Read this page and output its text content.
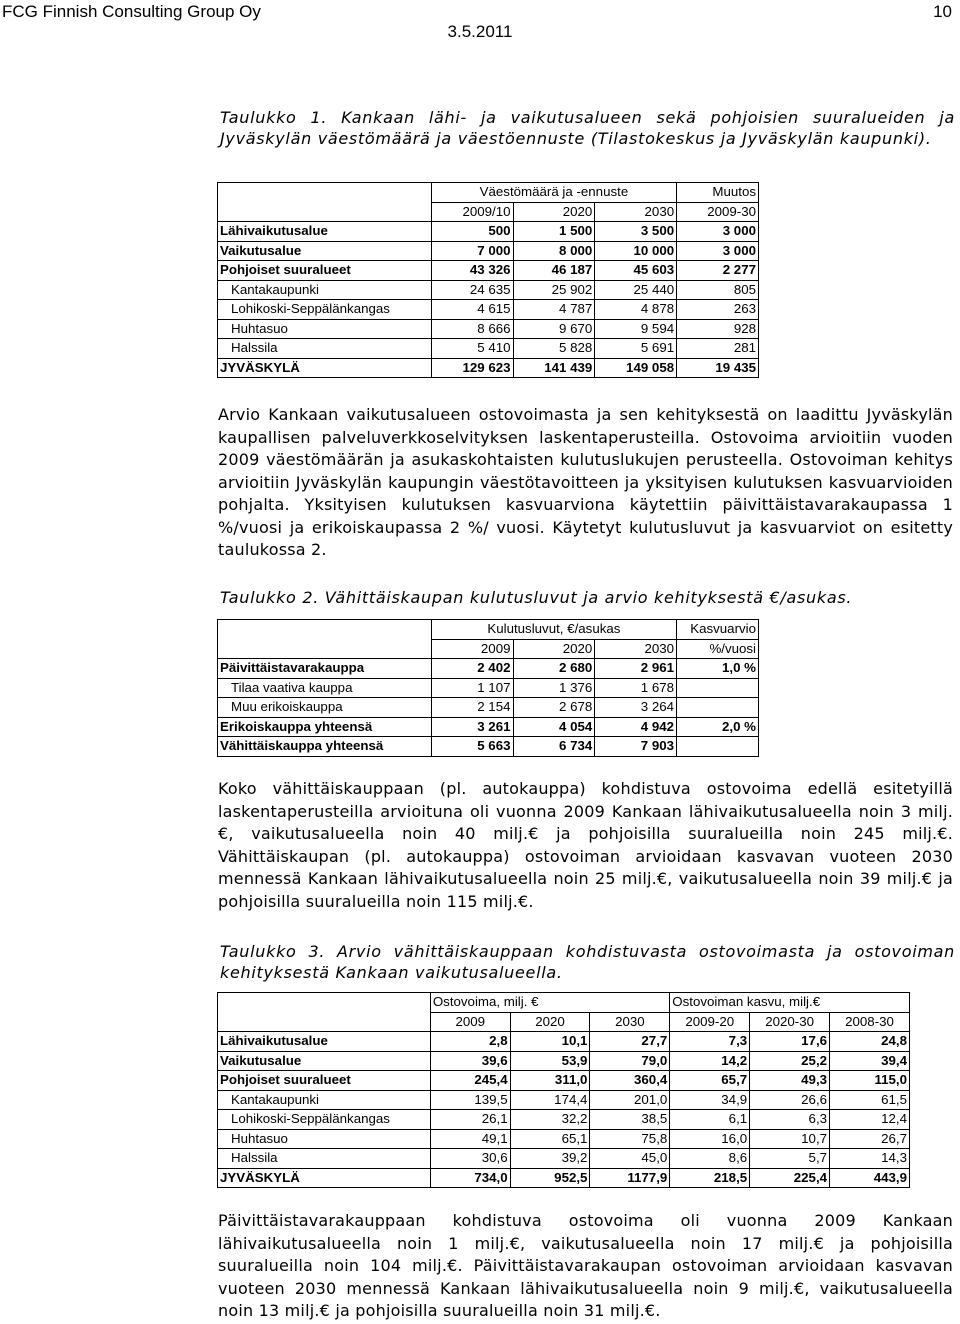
FCG Finnish Consulting Group Oy	10
3.5.2011
Taulukko 1. Kankaan lähi- ja vaikutusalueen sekä pohjoisien suuralueiden ja Jyväskylän väestömäärä ja väestöennuste (Tilastokeskus ja Jyväskylän kaupunki).
	Väestömäärä ja -ennuste			Muutos
	2009/10	2020	2030	2009-30
Lähivaikutusalue	500	1 500	3 500	3 000
Vaikutusalue	7 000	8 000	10 000	3 000
Pohjoiset suuralueet	43 326	46 187	45 603	2 277
Kantakaupunki	24 635	25 902	25 440	805
Lohikoski-Seppälänkangas	4 615	4 787	4 878	263
Huhtasuo	8 666	9 670	9 594	928
Halssila	5 410	5 828	5 691	281
JYVÄSKYLÄ	129 623	141 439	149 058	19 435
Arvio Kankaan vaikutusalueen ostovoimasta ja sen kehityksestä on laadittu Jyväskylän kaupallisen palveluverkkoselvityksen laskentaperusteilla. Ostovoima arvioitiin vuoden 2009 väestömäärän ja asukaskohtaisten kulutuslukujen perusteella. Ostovoiman kehitys arvioitiin Jyväskylän kaupungin väestötavoitteen ja yksityisen kulutuksen kasvuarvioiden pohjalta. Yksityisen kulutuksen kasvuarviona käytettiin päivittäistavarakaupassa 1 %/vuosi ja erikoiskaupassa 2 %/ vuosi. Käytetyt kulutusluvut ja kasvuarviot on esitetty taulukossa 2.
Taulukko 2. Vähittäiskaupan kulutusluvut ja arvio kehityksestä €/asukas.
	Kulutusluvut, €/asukas			Kasvuarvio
	2009	2020	2030	%/vuosi
Päivittäistavarakauppa	2 402	2 680	2 961	1,0 %
Tilaa vaativa kauppa	1 107	1 376	1 678	
Muu erikoiskauppa	2 154	2 678	3 264	
Erikoiskauppa yhteensä	3 261	4 054	4 942	2,0 %
Vähittäiskauppa yhteensä	5 663	6 734	7 903	
Koko vähittäiskauppaan (pl. autokauppa) kohdistuva ostovoima edellä esitetyillä laskentaperusteilla arvioituna oli vuonna 2009 Kankaan lähivaikutusalueella noin 3 milj.€, vaikutusalueella noin 40 milj.€ ja pohjoisilla suuralueilla noin 245 milj.€. Vähittäiskaupan (pl. autokauppa) ostovoiman arvioidaan kasvavan vuoteen 2030 mennessä Kankaan lähivaikutusalueella noin 25 milj.€, vaikutusalueella noin 39 milj.€ ja pohjoisilla suuralueilla noin 115 milj.€.
Taulukko 3. Arvio vähittäiskauppaan kohdistuvasta ostovoimasta ja ostovoiman kehityksestä Kankaan vaikutusalueella.
	Ostovoima, milj. €			Ostovoiman kasvu, milj.€		
	2009	2020	2030	2009-20	2020-30	2008-30
Lähivaikutusalue	2,8	10,1	27,7	7,3	17,6	24,8
Vaikutusalue	39,6	53,9	79,0	14,2	25,2	39,4
Pohjoiset suuralueet	245,4	311,0	360,4	65,7	49,3	115,0
Kantakaupunki	139,5	174,4	201,0	34,9	26,6	61,5
Lohikoski-Seppälänkangas	26,1	32,2	38,5	6,1	6,3	12,4
Huhtasuo	49,1	65,1	75,8	16,0	10,7	26,7
Halssila	30,6	39,2	45,0	8,6	5,7	14,3
JYVÄSKYLÄ	734,0	952,5	1177,9	218,5	225,4	443,9
Päivittäistavarakauppaan kohdistuva ostovoima oli vuonna 2009 Kankaan lähivaikutusalueella noin 1 milj.€, vaikutusalueella noin 17 milj.€ ja pohjoisilla suuralueilla noin 104 milj.€. Päivittäistavarakaupan ostovoiman arvioidaan kasvavan vuoteen 2030 mennessä Kankaan lähivaikutusalueella noin 9 milj.€, vaikutusalueella noin 13 milj.€ ja pohjoisilla suuralueilla noin 31 milj.€.
